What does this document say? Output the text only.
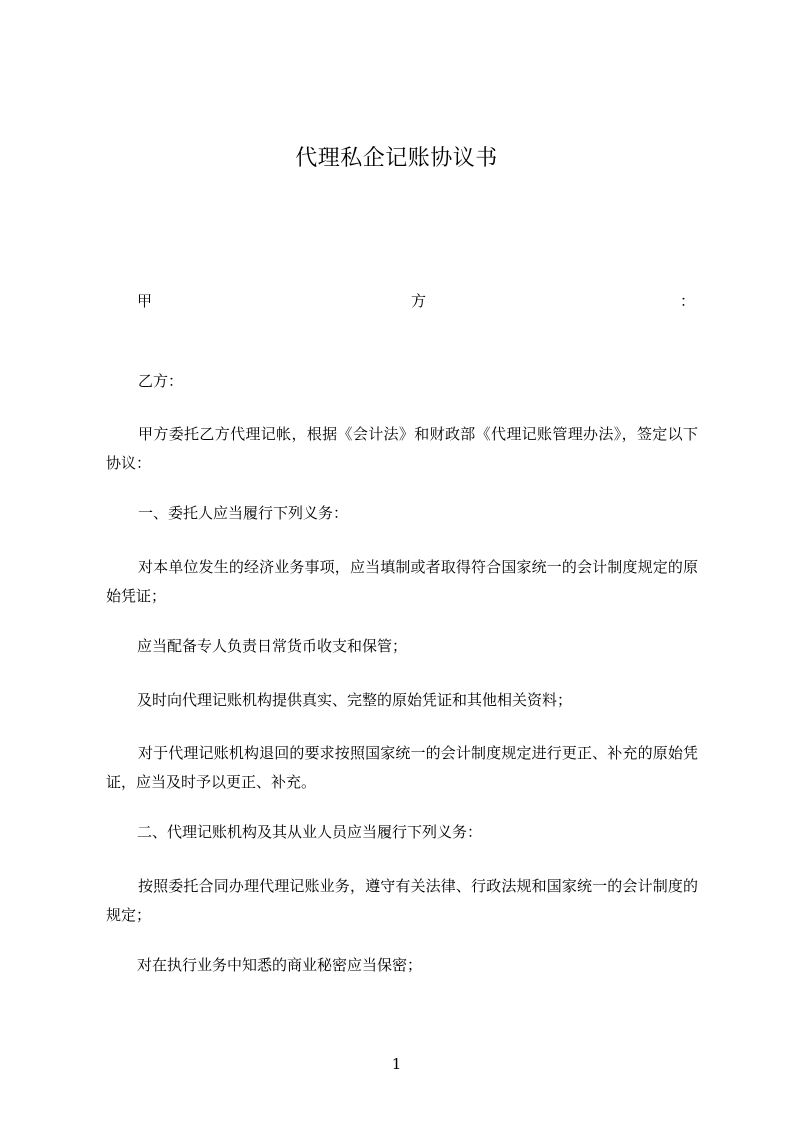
代理私企记账协议书
甲	方	：

乙方：

甲方委托乙方代理记帐，根据《会计法》和财政部《代理记账管理办法》，签定以下协议：

一、委托人应当履行下列义务：

对本单位发生的经济业务事项，应当填制或者取得符合国家统一的会计制度规定的原始凭证；

应当配备专人负责日常货币收支和保管；

及时向代理记账机构提供真实、完整的原始凭证和其他相关资料；

对于代理记账机构退回的要求按照国家统一的会计制度规定进行更正、补充的原始凭证，应当及时予以更正、补充。

二、代理记账机构及其从业人员应当履行下列义务：

按照委托合同办理代理记账业务，遵守有关法律、行政法规和国家统一的会计制度的规定；

对在执行业务中知悉的商业秘密应当保密；

1
